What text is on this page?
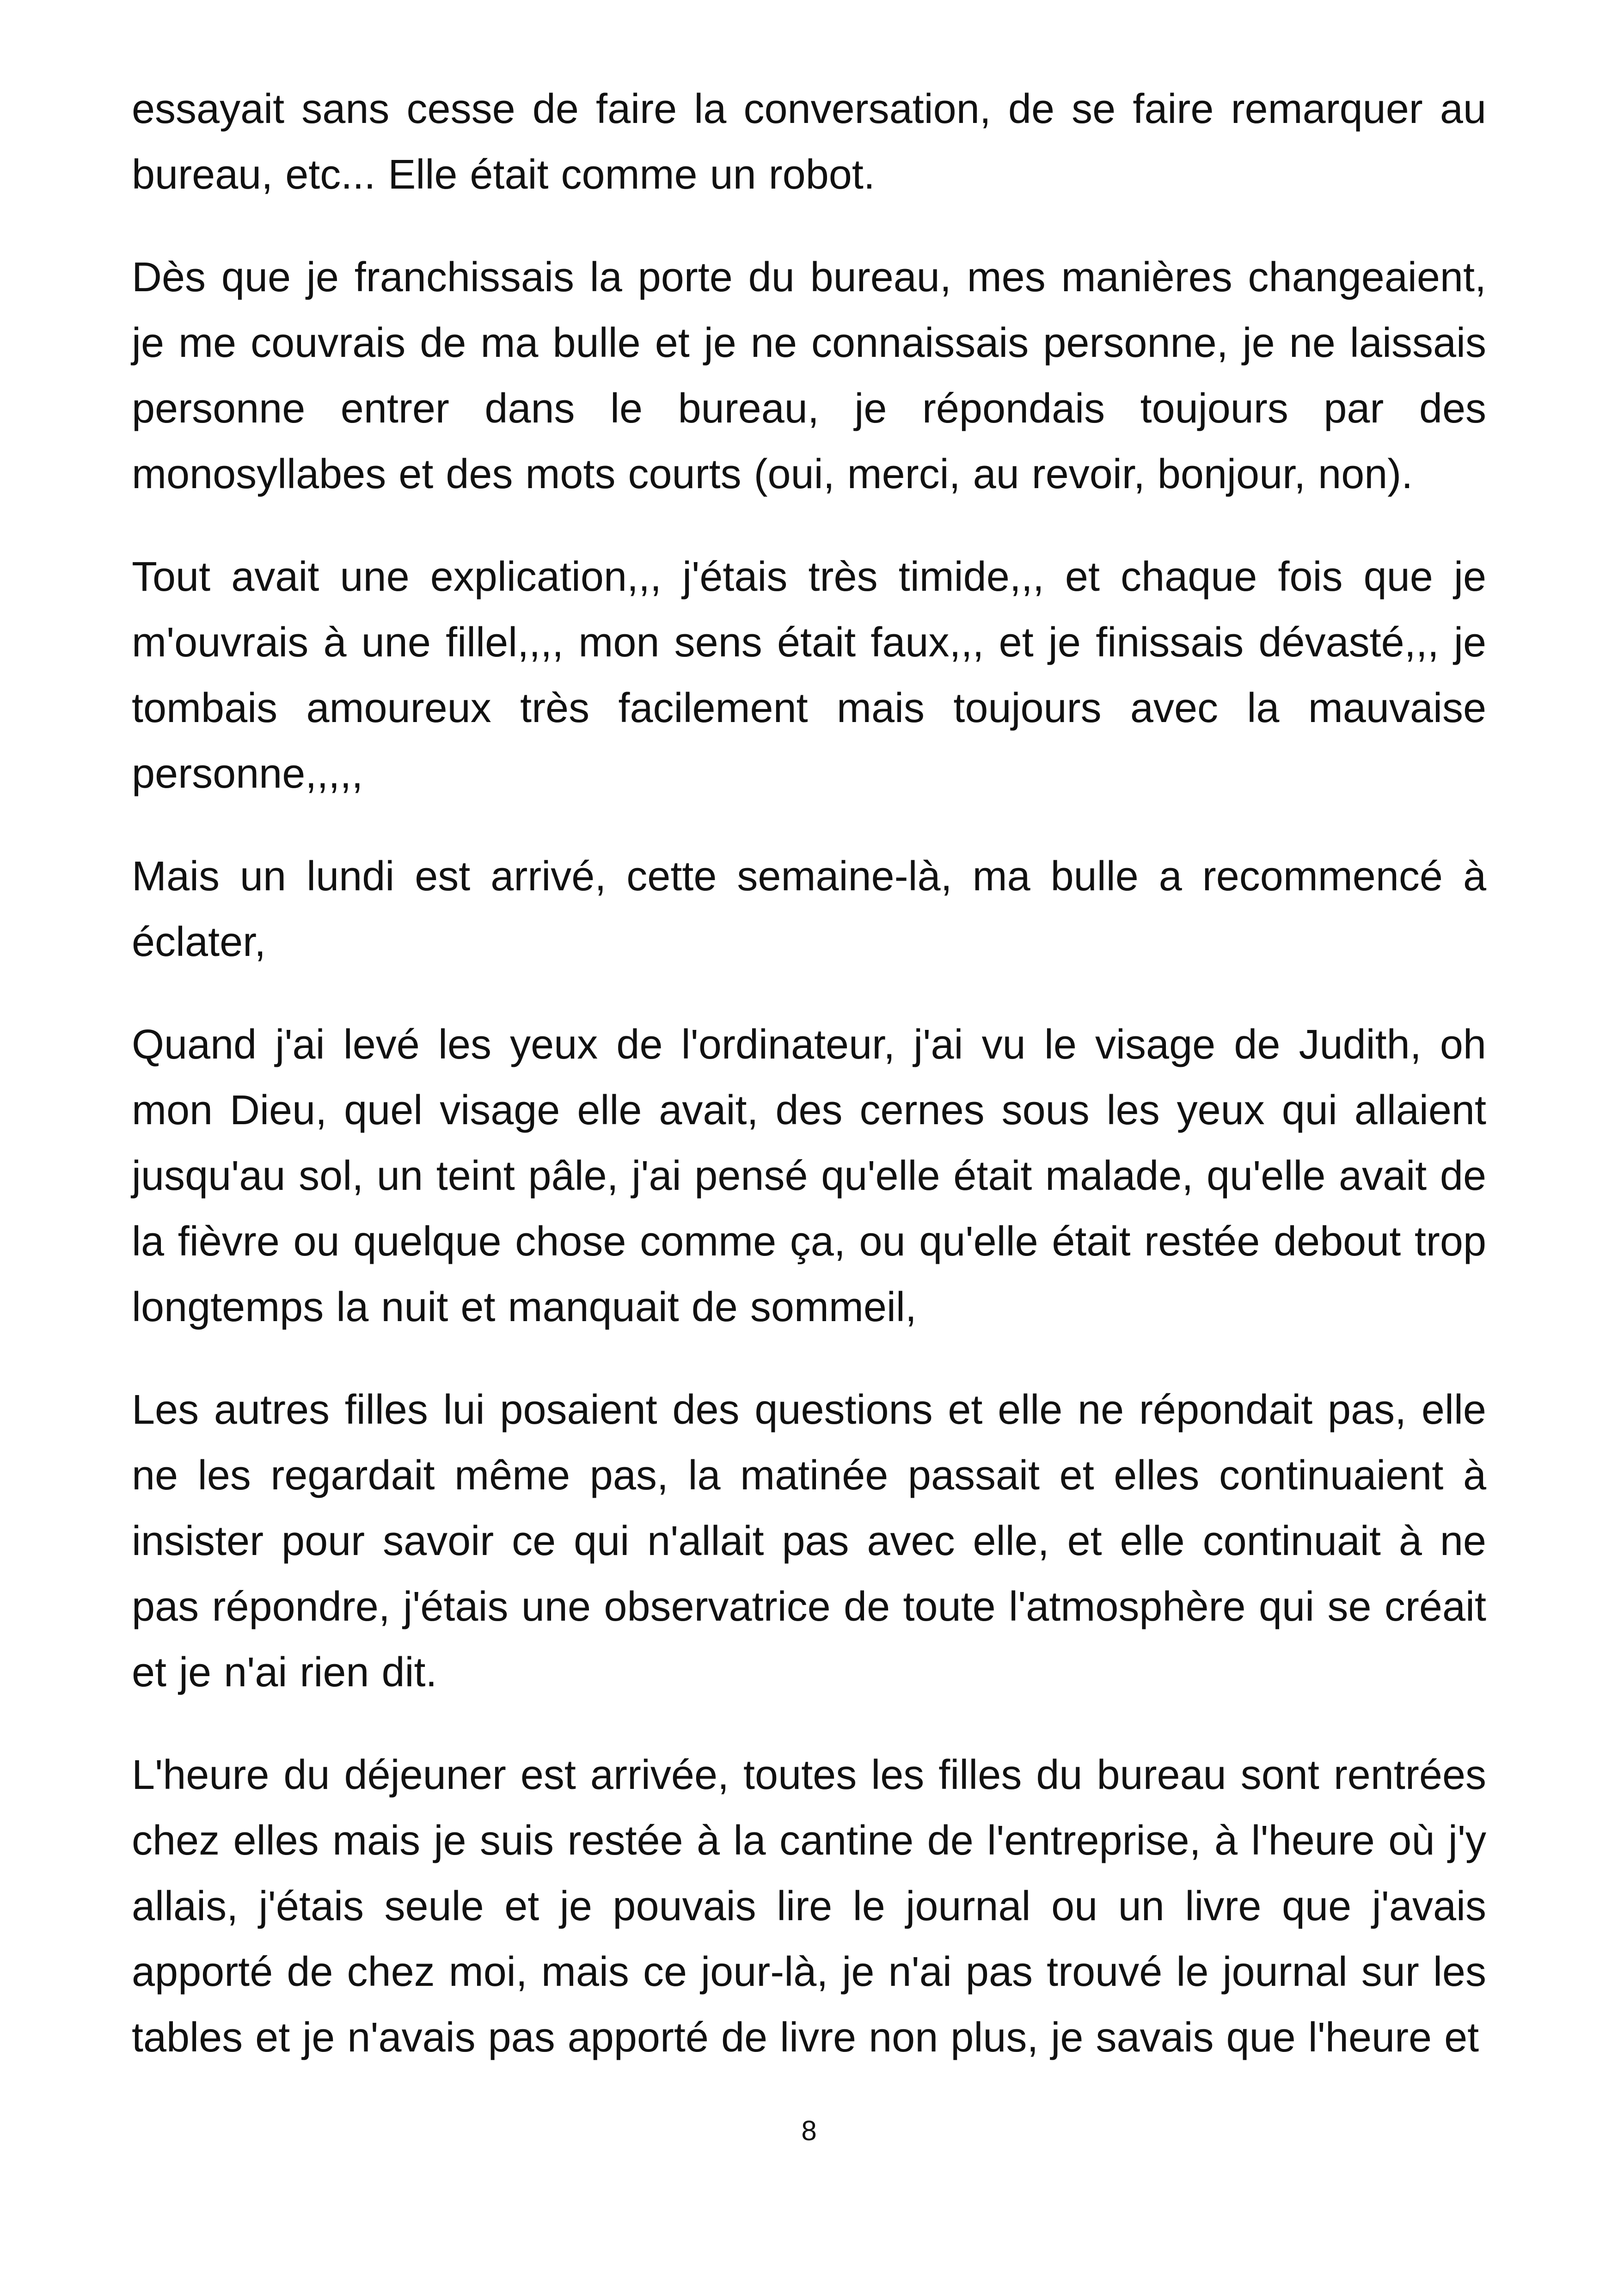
essayait sans cesse de faire la conversation, de se faire remarquer au bureau, etc... Elle était comme un robot.

Dès que je franchissais la porte du bureau, mes manières changeaient, je me couvrais de ma bulle et je ne connaissais personne, je ne laissais personne entrer dans le bureau, je répondais toujours par des monosyllabes et des mots courts (oui, merci, au revoir, bonjour, non).

Tout avait une explication,,, j'étais très timide,,, et chaque fois que je m'ouvrais à une fillel,,,, mon sens était faux,,, et je finissais dévasté,,, je tombais amoureux très facilement mais toujours avec la mauvaise personne,,,,,

Mais un lundi est arrivé, cette semaine-là, ma bulle a recommencé à éclater,

Quand j'ai levé les yeux de l'ordinateur, j'ai vu le visage de Judith, oh mon Dieu, quel visage elle avait, des cernes sous les yeux qui allaient jusqu'au sol, un teint pâle, j'ai pensé qu'elle était malade, qu'elle avait de la fièvre ou quelque chose comme ça, ou qu'elle était restée debout trop longtemps la nuit et manquait de sommeil,

Les autres filles lui posaient des questions et elle ne répondait pas, elle ne les regardait même pas, la matinée passait et elles continuaient à insister pour savoir ce qui n'allait pas avec elle, et elle continuait à ne pas répondre, j'étais une observatrice de toute l'atmosphère qui se créait et je n'ai rien dit.

L'heure du déjeuner est arrivée, toutes les filles du bureau sont rentrées chez elles mais je suis restée à la cantine de l'entreprise, à l'heure où j'y allais, j'étais seule et je pouvais lire le journal ou un livre que j'avais apporté de chez moi, mais ce jour-là, je n'ai pas trouvé le journal sur les tables et je n'avais pas apporté de livre non plus, je savais que l'heure et

8
